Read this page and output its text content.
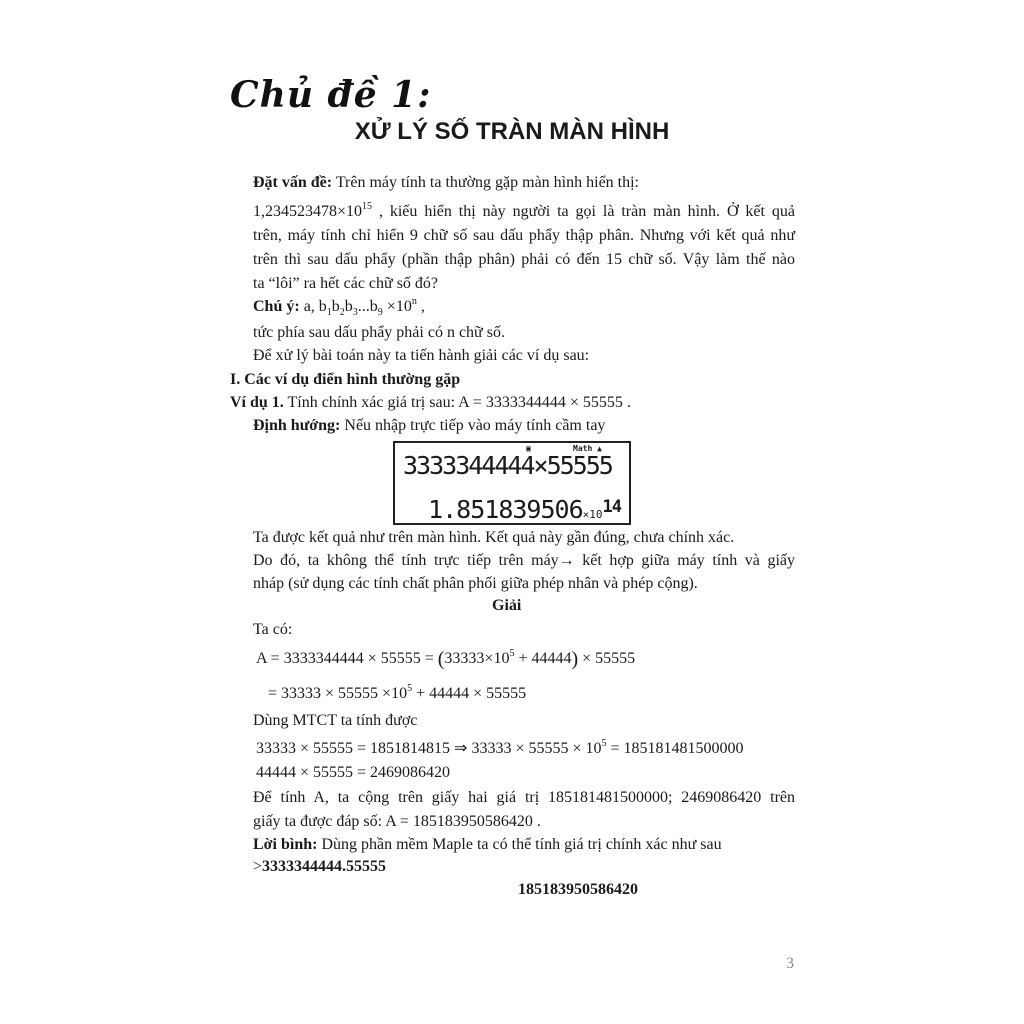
Chủ đề 1:
XỬ LÝ SỐ TRÀN MÀN HÌNH
Đặt vấn đề: Trên máy tính ta thường gặp màn hình hiển thị:
$1,234523478\times 10^{15}$ , kiểu hiển thị này người ta gọi là tràn màn hình. Ở kết quả
trên, máy tính chỉ hiển 9 chữ số sau dấu phẩy thập phân. Nhưng với kết quả như
trên thì sau dấu phẩy (phần thập phân) phải có đến 15 chữ số. Vậy làm thế nào
ta “lôi” ra hết các chữ số đó?
Chú ý: a, $b_1b_2b_3...b_9 \times 10^n$ ,
tức phía sau dấu phẩy phải có n chữ số.
Để xử lý bài toán này ta tiến hành giải các ví dụ sau:
I. Các ví dụ điển hình thường gặp
Ví dụ 1. Tính chính xác giá trị sau: A = 3333344444 × 55555 .
Định hướng: Nếu nhập trực tiếp vào máy tính cầm tay
▣	Math ▲
3333344444×55555
$1.851839506\times 10^{14}$
Ta được kết quả như trên màn hình. Kết quả này gần đúng, chưa chính xác.
Do đó, ta không thể tính trực tiếp trên máy→ kết hợp giữa máy tính và giấy
nháp (sử dụng các tính chất phân phối giữa phép nhân và phép cộng).
Giải
Ta có:
$A = 3333344444 \times 55555 = (33333\times 10^5 + 44444) \times 55555$
= $33333 \times 55555 \times 10^5 + 44444 \times 55555$
Dùng MTCT ta tính được
33333 × 55555 = 1851814815 ⇒ $33333 \times 55555 \times 10^5 = 185181481500000$
44444 × 55555 = 2469086420
Để tính A, ta cộng trên giấy hai giá trị 185181481500000; 2469086420 trên
giấy ta được đáp số: A = 185183950586420 .
Lời bình: Dùng phần mềm Maple ta có thể tính giá trị chính xác như sau
>3333344444.55555
185183950586420
3
